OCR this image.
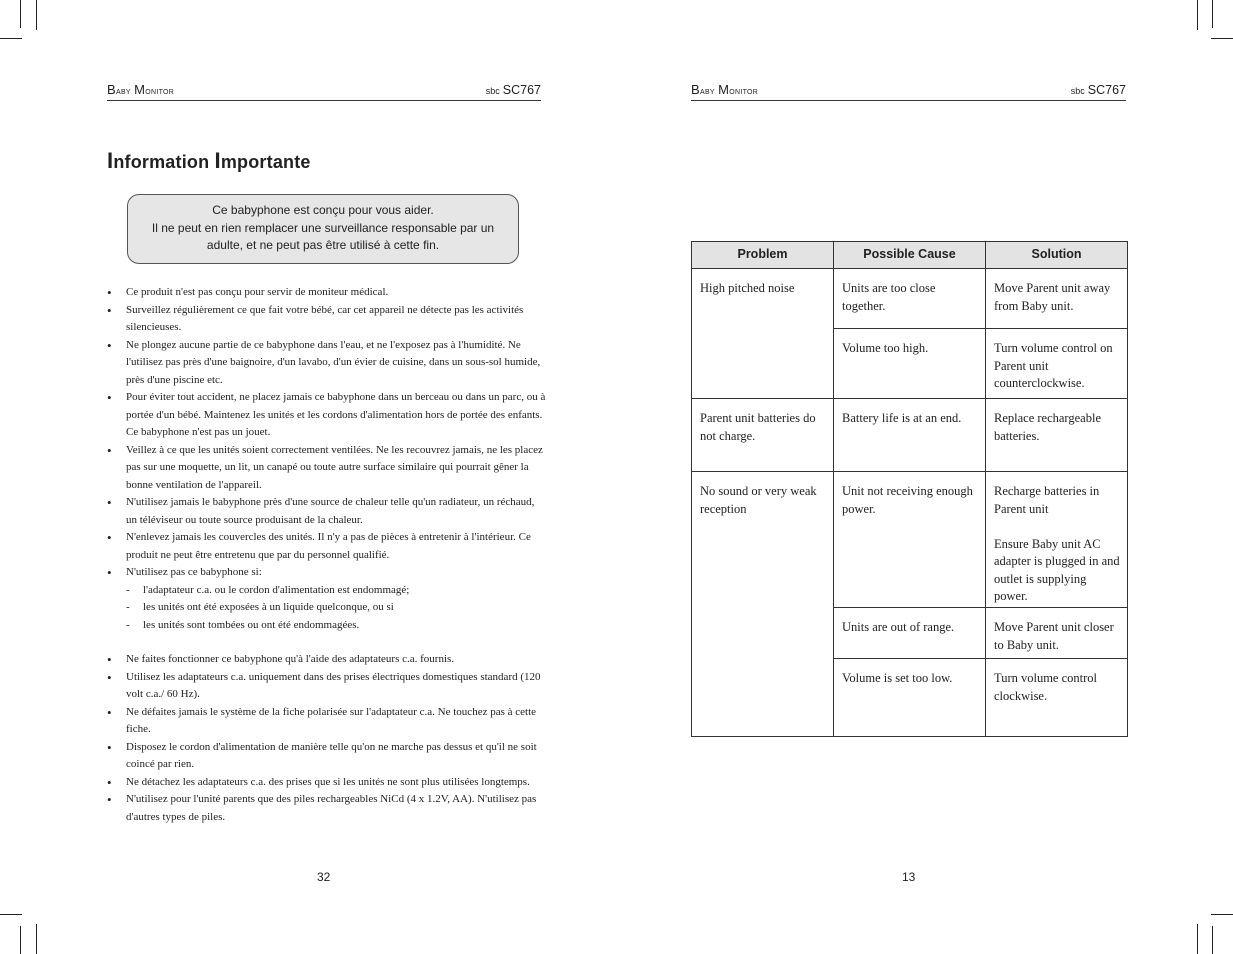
Baby Monitor	sbc SC767
Information Importante
Ce babyphone est conçu pour vous aider.
Il ne peut en rien remplacer une surveillance responsable par un
adulte, et ne peut pas être utilisé à cette fin.
•	Ce produit n'est pas conçu pour servir de moniteur médical.
•	Surveillez régulièrement ce que fait votre bébé, car cet appareil ne détecte pas les activités silencieuses.
•	Ne plongez aucune partie de ce babyphone dans l'eau, et ne l'exposez pas à l'humidité. Ne l'utilisez pas près d'une baignoire, d'un lavabo, d'un évier de cuisine, dans un sous-sol humide, près d'une piscine etc.
•	Pour éviter tout accident, ne placez jamais ce babyphone dans un berceau ou dans un parc, ou à portée d'un bébé. Maintenez les unités et les cordons d'alimentation hors de portée des enfants. Ce babyphone n'est pas un jouet.
•	Veillez à ce que les unités soient correctement ventilées. Ne les recouvrez jamais, ne les placez pas sur une moquette, un lit, un canapé ou toute autre surface similaire qui pourrait gêner la bonne ventilation de l'appareil.
•	N'utilisez jamais le babyphone près d'une source de chaleur telle qu'un radiateur, un réchaud, un téléviseur ou toute source produisant de la chaleur.
•	N'enlevez jamais les couvercles des unités. Il n'y a pas de pièces à entretenir à l'intérieur. Ce produit ne peut être entretenu que par du personnel qualifié.
•	N'utilisez pas ce babyphone si:
-	l'adaptateur c.a. ou le cordon d'alimentation est endommagé;
-	les unités ont été exposées à un liquide quelconque, ou si
-	les unités sont tombées ou ont été endommagées.
•	Ne faites fonctionner ce babyphone qu'à l'aide des adaptateurs c.a. fournis.
•	Utilisez les adaptateurs c.a. uniquement dans des prises électriques domestiques standard (120 volt c.a./ 60 Hz).
•	Ne défaites jamais le système de la fiche polarisée sur l'adaptateur c.a. Ne touchez pas à cette fiche.
•	Disposez le cordon d'alimentation de manière telle qu'on ne marche pas dessus et qu'il ne soit coincé par rien.
•	Ne détachez les adaptateurs c.a. des prises que si les unités ne sont plus utilisées longtemps.
•	N'utilisez pour l'unité parents que des piles rechargeables NiCd (4 x 1.2V, AA). N'utilisez pas d'autres types de piles.
32
Baby Monitor	sbc SC767
Problem	Possible Cause	Solution
High pitched noise	Units are too close together.	Move Parent unit away from Baby unit.
	Volume too high.	Turn volume control on Parent unit counterclockwise.
Parent unit batteries do not charge.	Battery life is at an end.	Replace rechargeable batteries.
No sound or very weak reception	Unit not receiving enough power.	Recharge batteries in Parent unit

Ensure Baby unit AC adapter is plugged in and outlet is supplying power.
	Units are out of range.	Move Parent unit closer to Baby unit.
	Volume is set too low.	Turn volume control clockwise.
13
